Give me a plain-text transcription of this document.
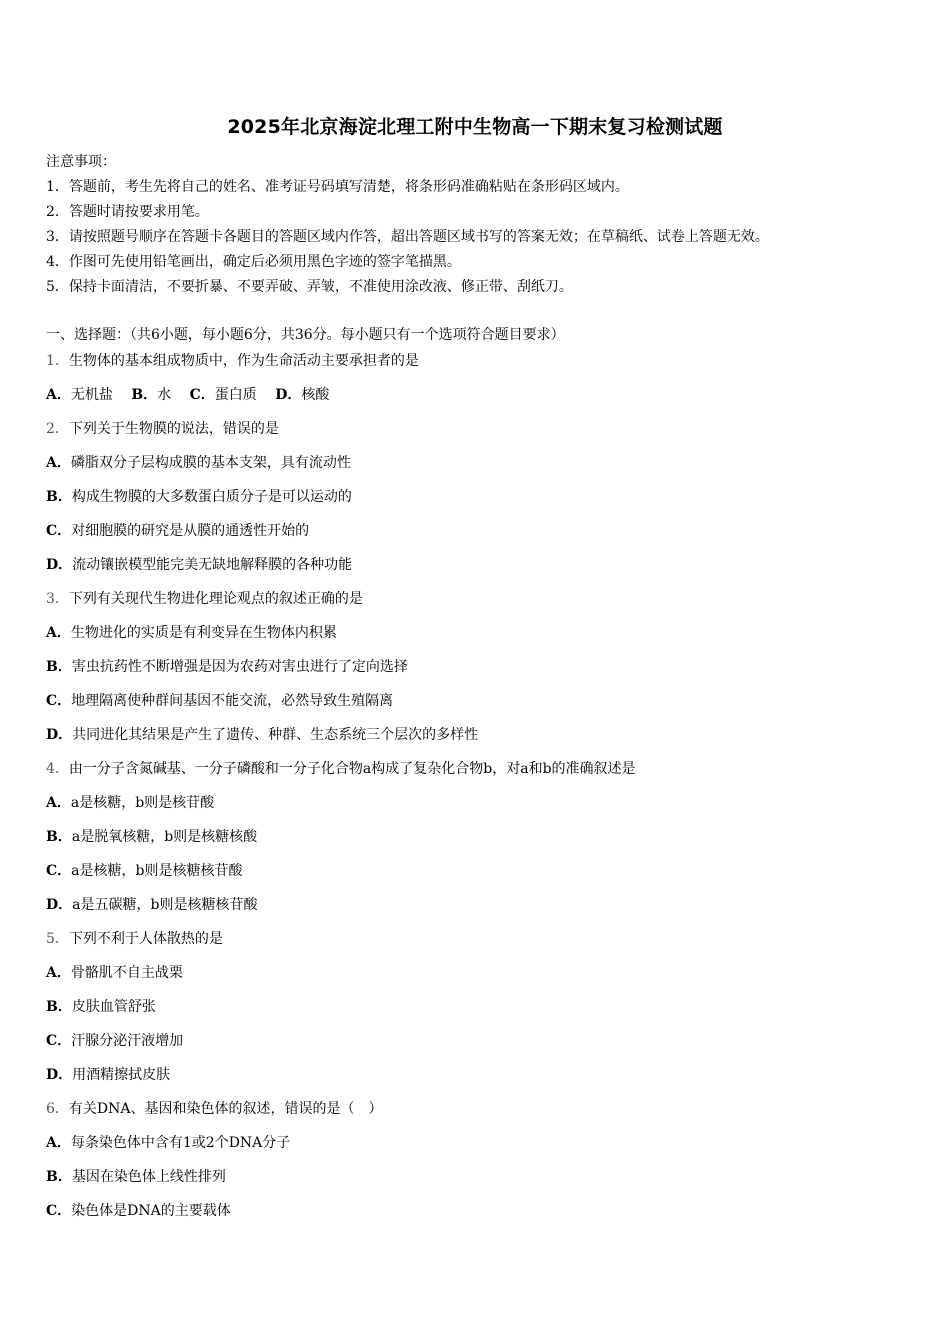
2025年北京海淀北理工附中生物高一下期末复习检测试题
注意事项：
1．答题前，考生先将自己的姓名、准考证号码填写清楚，将条形码准确粘贴在条形码区域内。
2．答题时请按要求用笔。
3．请按照题号顺序在答题卡各题目的答题区域内作答，超出答题区域书写的答案无效；在草稿纸、试卷上答题无效。
4．作图可先使用铅笔画出，确定后必须用黑色字迹的签字笔描黑。
5．保持卡面清洁，不要折暴、不要弄破、弄皱，不准使用涂改液、修正带、刮纸刀。
一、选择题：（共6小题，每小题6分，共36分。每小题只有一个选项符合题目要求）
1．生物体的基本组成物质中，作为生命活动主要承担者的是
A．无机盐 B．水 C．蛋白质 D．核酸
2．下列关于生物膜的说法，错误的是
A．磷脂双分子层构成膜的基本支架，具有流动性
B．构成生物膜的大多数蛋白质分子是可以运动的
C．对细胞膜的研究是从膜的通透性开始的
D．流动镶嵌模型能完美无缺地解释膜的各种功能
3．下列有关现代生物进化理论观点的叙述正确的是
A．生物进化的实质是有利变异在生物体内积累
B．害虫抗药性不断增强是因为农药对害虫进行了定向选择
C．地理隔离使种群间基因不能交流，必然导致生殖隔离
D．共同进化其结果是产生了遗传、种群、生态系统三个层次的多样性
4．由一分子含氮碱基、一分子磷酸和一分子化合物a构成了复杂化合物b，对a和b的准确叙述是
A．a是核糖，b则是核苷酸
B．a是脱氧核糖，b则是核糖核酸
C．a是核糖，b则是核糖核苷酸
D．a是五碳糖，b则是核糖核苷酸
5．下列不利于人体散热的是
A．骨骼肌不自主战栗
B．皮肤血管舒张
C．汗腺分泌汗液增加
D．用酒精擦拭皮肤
6．有关DNA、基因和染色体的叙述，错误的是（　）
A．每条染色体中含有1或2个DNA分子
B．基因在染色体上线性排列
C．染色体是DNA的主要载体
